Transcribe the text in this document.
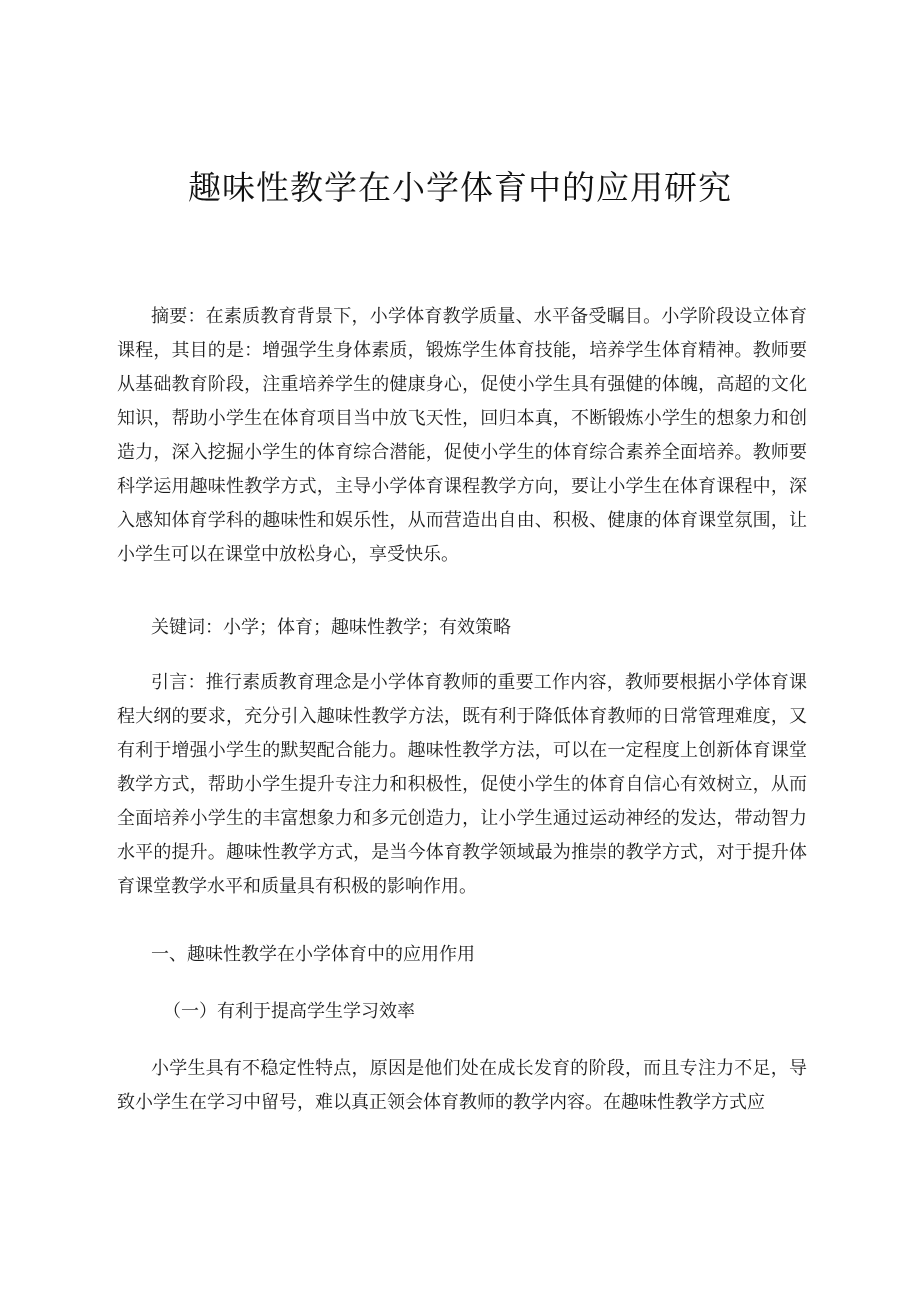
趣味性教学在小学体育中的应用研究

摘要：在素质教育背景下，小学体育教学质量、水平备受瞩目。小学阶段设立体育课程，其目的是：增强学生身体素质，锻炼学生体育技能，培养学生体育精神。教师要从基础教育阶段，注重培养学生的健康身心，促使小学生具有强健的体魄，高超的文化知识，帮助小学生在体育项目当中放飞天性，回归本真，不断锻炼小学生的想象力和创造力，深入挖掘小学生的体育综合潜能，促使小学生的体育综合素养全面培养。教师要科学运用趣味性教学方式，主导小学体育课程教学方向，要让小学生在体育课程中，深入感知体育学科的趣味性和娱乐性，从而营造出自由、积极、健康的体育课堂氛围，让小学生可以在课堂中放松身心，享受快乐。

关键词：小学；体育；趣味性教学；有效策略

引言：推行素质教育理念是小学体育教师的重要工作内容，教师要根据小学体育课程大纲的要求，充分引入趣味性教学方法，既有利于降低体育教师的日常管理难度，又有利于增强小学生的默契配合能力。趣味性教学方法，可以在一定程度上创新体育课堂教学方式，帮助小学生提升专注力和积极性，促使小学生的体育自信心有效树立，从而全面培养小学生的丰富想象力和多元创造力，让小学生通过运动神经的发达，带动智力水平的提升。趣味性教学方式，是当今体育教学领域最为推崇的教学方式，对于提升体育课堂教学水平和质量具有积极的影响作用。

一、趣味性教学在小学体育中的应用作用
（一）有利于提高学生学习效率

小学生具有不稳定性特点，原因是他们处在成长发育的阶段，而且专注力不足，导致小学生在学习中留号，难以真正领会体育教师的教学内容。在趣味性教学方式应
